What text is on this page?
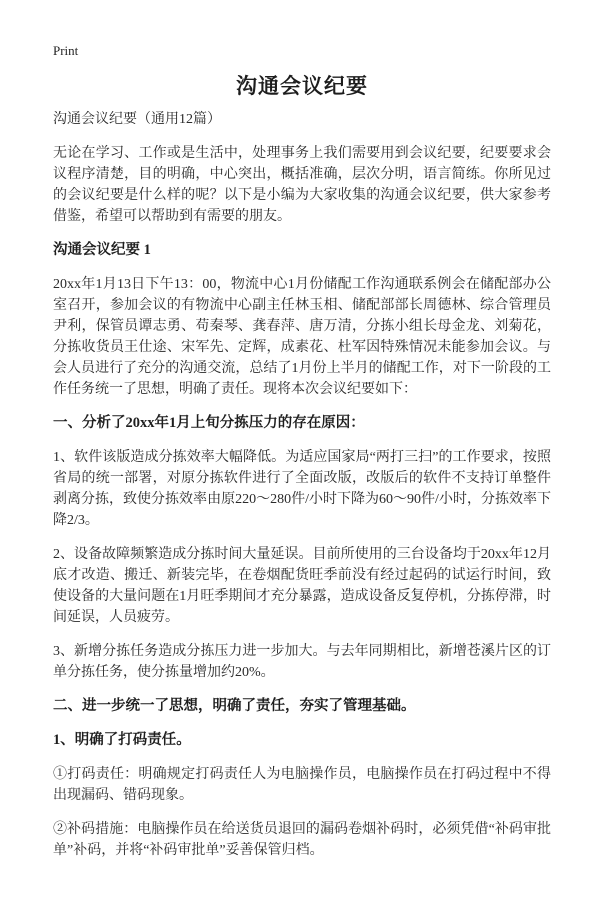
Print
沟通会议纪要

沟通会议纪要（通用12篇）

无论在学习、工作或是生活中，处理事务上我们需要用到会议纪要，纪要要求会议程序清楚，目的明确，中心突出，概括准确，层次分明，语言简练。你所见过的会议纪要是什么样的呢？以下是小编为大家收集的沟通会议纪要，供大家参考借鉴，希望可以帮助到有需要的朋友。

沟通会议纪要 1

20xx年1月13日下午13：00，物流中心1月份储配工作沟通联系例会在储配部办公室召开，参加会议的有物流中心副主任林玉相、储配部部长周德林、综合管理员尹利，保管员谭志勇、苟秦琴、龚春萍、唐万清，分拣小组长母金龙、刘菊花，分拣收货员王仕途、宋军先、定辉，成素花、杜军因特殊情况未能参加会议。与会人员进行了充分的沟通交流，总结了1月份上半月的储配工作，对下一阶段的工作任务统一了思想，明确了责任。现将本次会议纪要如下：

一、分析了20xx年1月上旬分拣压力的存在原因：

1、软件该版造成分拣效率大幅降低。为适应国家局“两打三扫”的工作要求，按照省局的统一部署，对原分拣软件进行了全面改版，改版后的软件不支持订单整件剥离分拣，致使分拣效率由原220～280件/小时下降为60～90件/小时，分拣效率下降2/3。

2、设备故障频繁造成分拣时间大量延误。目前所使用的三台设备均于20xx年12月底才改造、搬迁、新装完毕，在卷烟配货旺季前没有经过起码的试运行时间，致使设备的大量问题在1月旺季期间才充分暴露，造成设备反复停机，分拣停滞，时间延误，人员疲劳。

3、新增分拣任务造成分拣压力进一步加大。与去年同期相比，新增苍溪片区的订单分拣任务，使分拣量增加约20%。

二、进一步统一了思想，明确了责任，夯实了管理基础。
1、明确了打码责任。

①打码责任：明确规定打码责任人为电脑操作员，电脑操作员在打码过程中不得出现漏码、错码现象。

②补码措施：电脑操作员在给送货员退回的漏码卷烟补码时，必须凭借“补码审批单”补码，并将“补码审批单”妥善保管归档。
